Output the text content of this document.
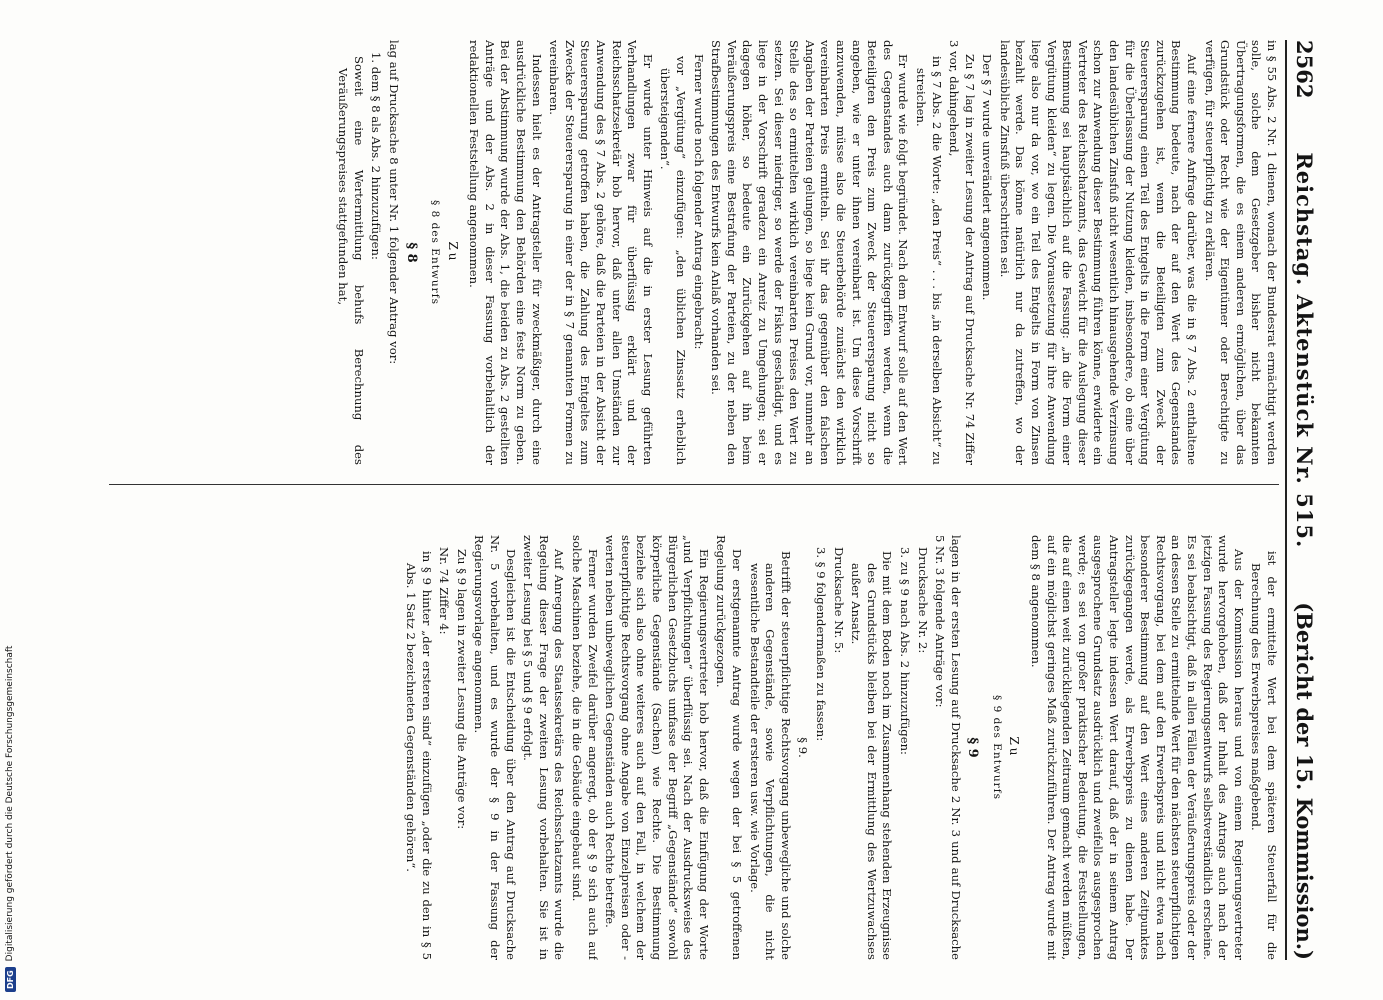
2562
Reichstag. Aktenstück Nr. 515.
(Bericht der 15. Kommission.)

in § 55 Abs. 2 Nr. 1 dienen, wonach der Bundesrat ermächtigt werden solle, solche dem Gesetzgeber bisher nicht bekannten Übertragungsformen, die es einem anderen ermöglichen, über das Grundstück oder Recht wie der Eigentümer oder Berechtigte zu verfügen, für steuerpflichtig zu erklären.

Auf eine fernere Anfrage darüber, was die in § 7 Abs. 2 enthaltene Bestimmung bedeute, nach der auf den Wert des Gegenstandes zurückzugehen ist, wenn die Beteiligten zum Zweck der Steuerersparung einen Teil des Entgelts in die Form einer Vergütung für die Überlassung der Nutzung kleiden, insbesondere, ob eine über den landesüblichen Zinsfuß nicht wesentlich hinausgehende Verzinsung schon zur Anwendung dieser Bestimmung führen könne, erwiderte ein Vertreter des Reichsschatzamts, das Gewicht für die Auslegung dieser Bestimmung sei hauptsächlich auf die Fassung: „in die Form einer Vergütung kleiden“ zu legen. Die Voraussetzung für ihre Anwendung liege also nur da vor, wo ein Teil des Entgelts in Form von Zinsen bezahlt werde. Das könne natürlich nur da zutreffen, wo der landesübliche Zinsfuß überschritten sei.

Der § 7 wurde unverändert angenommen.

Zu § 7 lag in zweiter Lesung der Antrag auf Drucksache Nr. 74 Ziffer 3 vor, dahingehend,

in § 7 Abs. 2 die Worte: „den Preis“ . . . bis „in derselben Absicht“ zu streichen.

Er wurde wie folgt begründet. Nach dem Entwurf solle auf den Wert des Gegenstandes auch dann zurückgegriffen werden, wenn die Beteiligten den Preis zum Zweck der Steuerersparung nicht so angeben, wie er unter ihnen vereinbart ist. Um diese Vorschrift anzuwenden, müsse also die Steuerbehörde zunächst den wirklich vereinbarten Preis ermitteln. Sei ihr das gegenüber den falschen Angaben der Parteien gelungen, so liege kein Grund vor, nunmehr an Stelle des so ermittelten wirklich vereinbarten Preises den Wert zu setzen. Sei dieser niedriger, so werde der Fiskus geschädigt, und es liege in der Vorschrift geradezu ein Anreiz zu Umgehungen; sei er dagegen höher, so bedeute ein Zurückgehen auf ihn beim Veräußerungspreis eine Bestrafung der Parteien, zu der neben den Strafbestimmungen des Entwurfs kein Anlaß vorhanden sei.

Ferner wurde noch folgender Antrag eingebracht:

vor „Vergütung“ einzufügen: „den üblichen Zinssatz erheblich übersteigenden“.

Er wurde unter Hinweis auf die in erster Lesung geführten Verhandlungen zwar für überflüssig erklärt und der Reichsschatzsekretär hob hervor, daß unter allen Umständen zur Anwendung des § 7 Abs. 2 gehöre, daß die Parteien in der Absicht der Steuerersparung getroffen haben, die Zahlung des Entgeltes zum Zwecke der Steuerersparung in einer der in § 7 genannten Formen zu vereinbaren.

Indessen hielt es der Antragsteller für zweckmäßiger, durch eine ausdrückliche Bestimmung den Behörden eine feste Norm zu geben. Bei der Abstimmung wurde der Abs. 1, die beiden zu Abs. 2 gestellten Anträge und der Abs. 2 in dieser Fassung vorbehaltlich der redaktionellen Feststellung angenommen.

Zu

§ 8 des Entwurfs

§ 8

lag auf Drucksache 8 unter Nr. 1 folgender Antrag vor:

1. dem § 8 als Abs. 2 hinzuzufügen:

Soweit eine Wertermittlung behufs Berechnung des Veräußerungspreises stattgefunden hat,

ist der ermittelte Wert bei dem späteren Steuerfall für die Berechnung des Erwerbspreises maßgebend.

Aus der Kommission heraus und von einem Regierungsvertreter wurde hervorgehoben, daß der Inhalt des Antrags auch nach der jetzigen Fassung des Regierungsentwurfs selbstverständlich erscheine. Es sei beabsichtigt, daß in allen Fällen der Veräußerungspreis oder der an dessen Stelle zu ermittelnde Wert für den nächsten steuerpflichtigen Rechtsvorgang, bei dem auf den Erwerbspreis und nicht etwa nach besonderer Bestimmung auf den Wert eines anderen Zeitpunktes zurückgegangen werde, als Erwerbspreis zu dienen habe. Der Antragsteller legte indessen Wert darauf, daß der in seinem Antrag ausgesprochene Grundsatz ausdrücklich und zweifellos ausgesprochen werde; es sei von großer praktischer Bedeutung, die Feststellungen, die auf einen weit zurückliegenden Zeitraum gemacht werden müßten, auf ein möglichst geringes Maß zurückzuführen. Der Antrag wurde mit dem § 8 angenommen.

Zu

§ 9 des Entwurfs

§ 9

lagen in der ersten Lesung auf Drucksache 2 Nr. 3 und auf Drucksache 5 Nr. 3 folgende Anträge vor:

Drucksache Nr. 2:

3. zu § 9 nach Abs. 2 hinzuzufügen:

Die mit dem Boden noch im Zusammenhang stehenden Erzeugnisse des Grundstücks bleiben bei der Ermittlung des Wertzuwachses außer Ansatz.

Drucksache Nr. 5:

3. § 9 folgendermaßen zu fassen:

§ 9.

Betrifft der steuerpflichtige Rechtsvorgang unbewegliche und solche anderen Gegenstände, sowie Verpflichtungen, die nicht wesentliche Bestandteile der ersteren usw. wie Vorlage.

Der erstgenannte Antrag wurde wegen der bei § 5 getroffenen Regelung zurückgezogen.

Ein Regierungsvertreter hob hervor, daß die Einfügung der Worte „und Verpflichtungen“ überflüssig sei. Nach der Ausdrucksweise des Bürgerlichen Gesetzbuchs umfasse der Begriff „Gegenstände“ sowohl körperliche Gegenstände (Sachen) wie Rechte. Die Bestimmung beziehe sich also ohne weiteres auch auf den Fall, in welchem der steuerpflichtige Rechtsvorgang ohne Angabe von Einzelpreisen oder -werten neben unbeweglichen Gegenständen auch Rechte betreffe.

Ferner wurden Zweifel darüber angeregt, ob der § 9 sich auch auf solche Maschinen beziehe, die in die Gebäude eingebaut sind.

Auf Anregung des Staatssekretärs des Reichsschatzamts wurde die Regelung dieser Frage der zweiten Lesung vorbehalten. Sie ist in zweiter Lesung bei § 5 und § 9 erfolgt.

Desgleichen ist die Entscheidung über den Antrag auf Drucksache Nr. 5 vorbehalten, und es wurde der § 9 in der Fassung der Regierungsvorlage angenommen.

Zu § 9 lagen in zweiter Lesung die Anträge vor:

Nr. 74 Ziffer 4:

in § 9 hinter „der ersteren sind“ einzufügen „oder die zu den in § 5 Abs. 1 Satz 2 bezeichneten Gegenständen gehören“.

DFG
Digitalisierung gefördert durch die Deutsche Forschungsgemeinschaft
